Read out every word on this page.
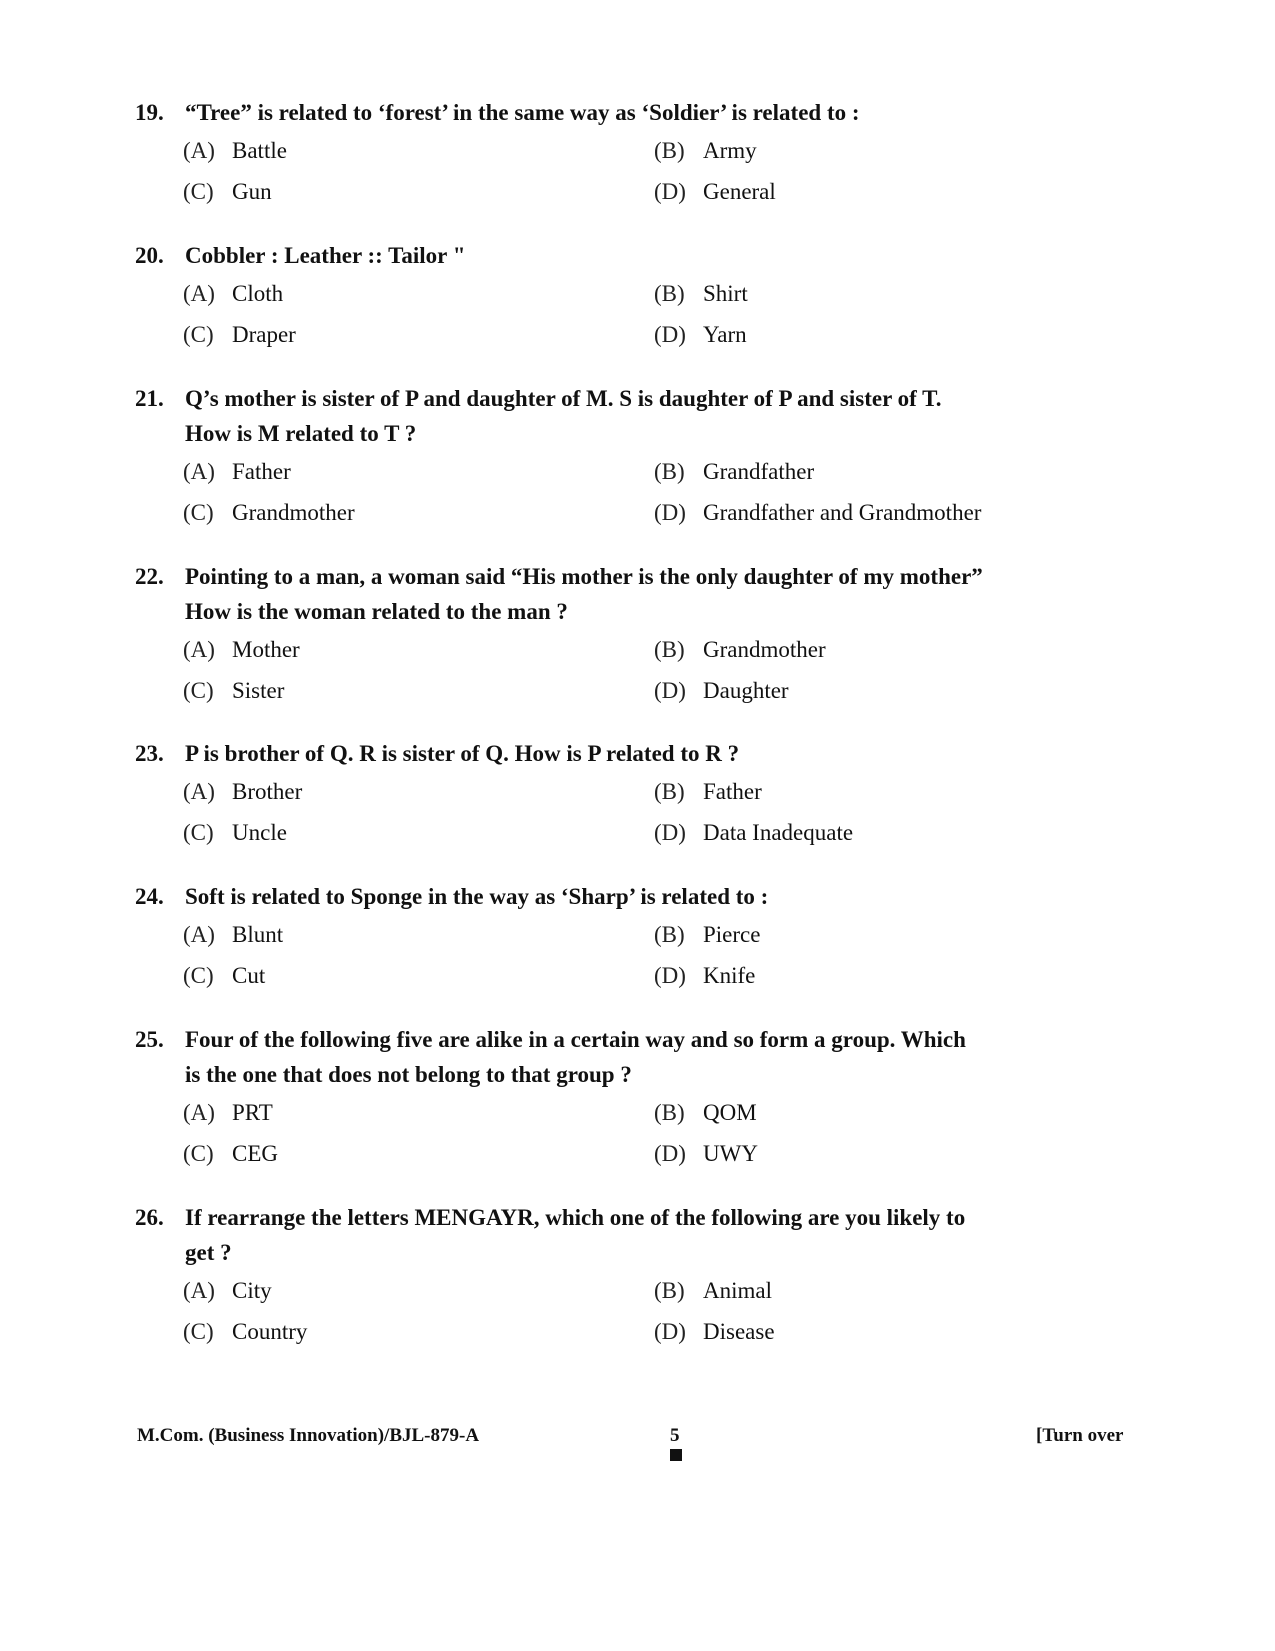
19. “Tree” is related to ‘forest’ in the same way as ‘Soldier’ is related to :
(A) Battle	(B) Army
(C) Gun	(D) General
20. Cobbler : Leather :: Tailor "
(A) Cloth	(B) Shirt
(C) Draper	(D) Yarn
21. Q’s mother is sister of P and daughter of M. S is daughter of P and sister of T.
How is M related to T ?
(A) Father	(B) Grandfather
(C) Grandmother	(D) Grandfather and Grandmother
22. Pointing to a man, a woman said “His mother is the only daughter of my mother”
How is the woman related to the man ?
(A) Mother	(B) Grandmother
(C) Sister	(D) Daughter
23. P is brother of Q. R is sister of Q. How is P related to R ?
(A) Brother	(B) Father
(C) Uncle	(D) Data Inadequate
24. Soft is related to Sponge in the way as ‘Sharp’ is related to :
(A) Blunt	(B) Pierce
(C) Cut	(D) Knife
25. Four of the following five are alike in a certain way and so form a group. Which
is the one that does not belong to that group ?
(A) PRT	(B) QOM
(C) CEG	(D) UWY
26. If rearrange the letters MENGAYR, which one of the following are you likely to
get ?
(A) City	(B) Animal
(C) Country	(D) Disease
M.Com. (Business Innovation)/BJL-879-A	5	[Turn over
